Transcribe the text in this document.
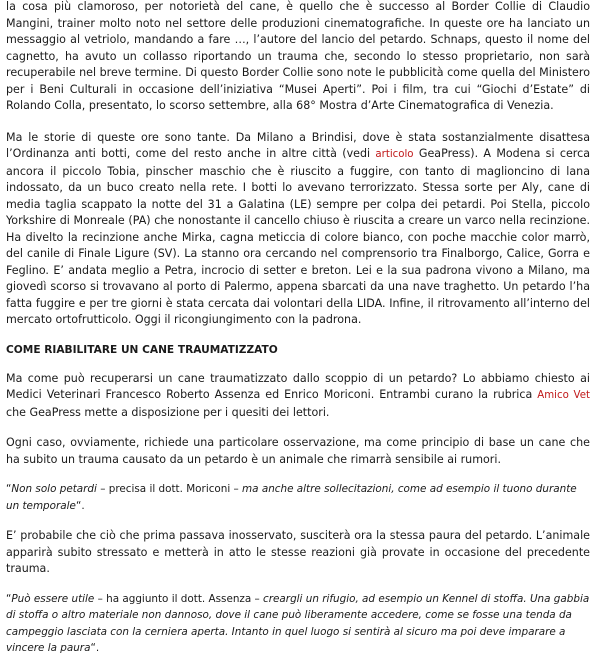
la cosa più clamoroso, per notorietà del cane, è quello che è successo al Border Collie di Claudio Mangini, trainer molto noto nel settore delle produzioni cinematografiche. In queste ore ha lanciato un messaggio al vetriolo, mandando a fare …, l’autore del lancio del petardo. Schnaps, questo il nome del cagnetto, ha avuto un collasso riportando un trauma che, secondo lo stesso proprietario, non sarà recuperabile nel breve termine. Di questo Border Collie sono note le pubblicità come quella del Ministero per i Beni Culturali in occasione dell’iniziativa “Musei Aperti”. Poi i film, tra cui “Giochi d’Estate” di Rolando Colla, presentato, lo scorso settembre, alla 68° Mostra d’Arte Cinematografica di Venezia.

Ma le storie di queste ore sono tante. Da Milano a Brindisi, dove è stata sostanzialmente disattesa l’Ordinanza anti botti, come del resto anche in altre città (vedi articolo GeaPress). A Modena si cerca ancora il piccolo Tobia, pinscher maschio che è riuscito a fuggire, con tanto di maglioncino di lana indossato, da un buco creato nella rete. I botti lo avevano terrorizzato. Stessa sorte per Aly, cane di media taglia scappato la notte del 31 a Galatina (LE) sempre per colpa dei petardi. Poi Stella, piccolo Yorkshire di Monreale (PA) che nonostante il cancello chiuso è riuscita a creare un varco nella recinzione. Ha divelto la recinzione anche Mirka, cagna meticcia di colore bianco, con poche macchie color marrò, del canile di Finale Ligure (SV). La stanno ora cercando nel comprensorio tra Finalborgo, Calice, Gorra e Feglino. E’ andata meglio a Petra, incrocio di setter e breton. Lei e la sua padrona vivono a Milano, ma giovedì scorso si trovavano al porto di Palermo, appena sbarcati da una nave traghetto. Un petardo l’ha fatta fuggire e per tre giorni è stata cercata dai volontari della LIDA. Infine, il ritrovamento all’interno del mercato ortofrutticolo. Oggi il ricongiungimento con la padrona.

COME RIABILITARE UN CANE TRAUMATIZZATO

Ma come può recuperarsi un cane traumatizzato dallo scoppio di un petardo? Lo abbiamo chiesto ai Medici Veterinari Francesco Roberto Assenza ed Enrico Moriconi. Entrambi curano la rubrica Amico Vet che GeaPress mette a disposizione per i quesiti dei lettori.

Ogni caso, ovviamente, richiede una particolare osservazione, ma come principio di base un cane che ha subito un trauma causato da un petardo è un animale che rimarrà sensibile ai rumori.

“Non solo petardi – precisa il dott. Moriconi – ma anche altre sollecitazioni, come ad esempio il tuono durante un temporale“.

E’ probabile che ciò che prima passava inosservato, susciterà ora la stessa paura del petardo. L’animale apparirà subito stressato e metterà in atto le stesse reazioni già provate in occasione del precedente trauma.

“Può essere utile – ha aggiunto il dott. Assenza – creargli un rifugio, ad esempio un Kennel di stoffa. Una gabbia di stoffa o altro materiale non dannoso, dove il cane può liberamente accedere, come se fosse una tenda da campeggio lasciata con la cerniera aperta. Intanto in quel luogo si sentirà al sicuro ma poi deve imparare a vincere la paura“.
